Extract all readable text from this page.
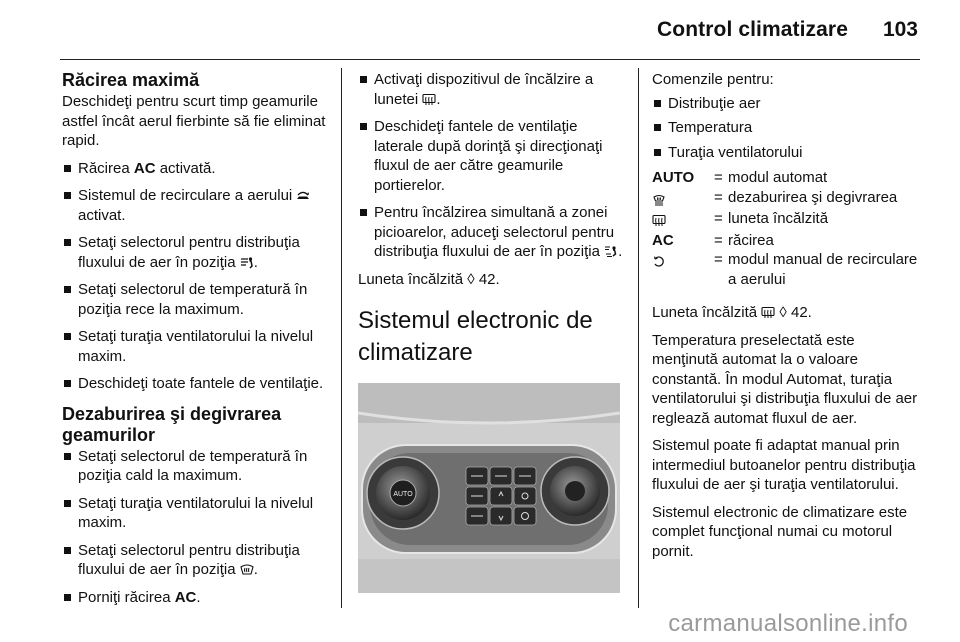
Control climatizare 103
Răcirea maximă

Deschideţi pentru scurt timp geamurile astfel încât aerul fierbinte să fie eliminat rapid.

Răcirea AC activată.
Sistemul de recirculare a aerului
activat.
Setaţi selectorul pentru distribuţia fluxului de aer în poziţia
.
Setaţi selectorul de temperatură în poziţia rece la maximum.
Setaţi turaţia ventilatorului la nivelul maxim.
Deschideţi toate fantele de ventilaţie.
Dezaburirea şi degivrarea geamurilor
Setaţi selectorul de temperatură în poziţia cald la maximum.
Setaţi turaţia ventilatorului la nivelul maxim.
Setaţi selectorul pentru distribuţia fluxului de aer în poziţia
.
Porniţi răcirea AC.
Activaţi dispozitivul de încălzire a lunetei
.
Deschideţi fantele de ventilaţie laterale după dorinţă şi direcţionaţi fluxul de aer către geamurile portierelor.
Pentru încălzirea simultană a zonei picioarelor, aduceţi selectorul pentru distribuţia fluxului de aer în poziţia
.

Luneta încălzită ◊ 42.

Sistemul electronic de climatizare
AUTO

Comenzile pentru:

Distribuţie aer
Temperatura
Turaţia ventilatorului
AUTO	= modul automat
= dezaburirea şi degivrarea
= luneta încălzită
AC	= răcirea
= modul manual de recirculare a aerului

Luneta încălzită
◊ 42.

Temperatura preselectată este menţinută automat la o valoare constantă. În modul Automat, turaţia ventilatorului şi distribuţia fluxului de aer reglează automat fluxul de aer.

Sistemul poate fi adaptat manual prin intermediul butoanelor pentru distribuţia fluxului de aer şi turaţia ventilatorului.

Sistemul electronic de climatizare este complet funcţional numai cu motorul pornit.

carmanualsonline.info
